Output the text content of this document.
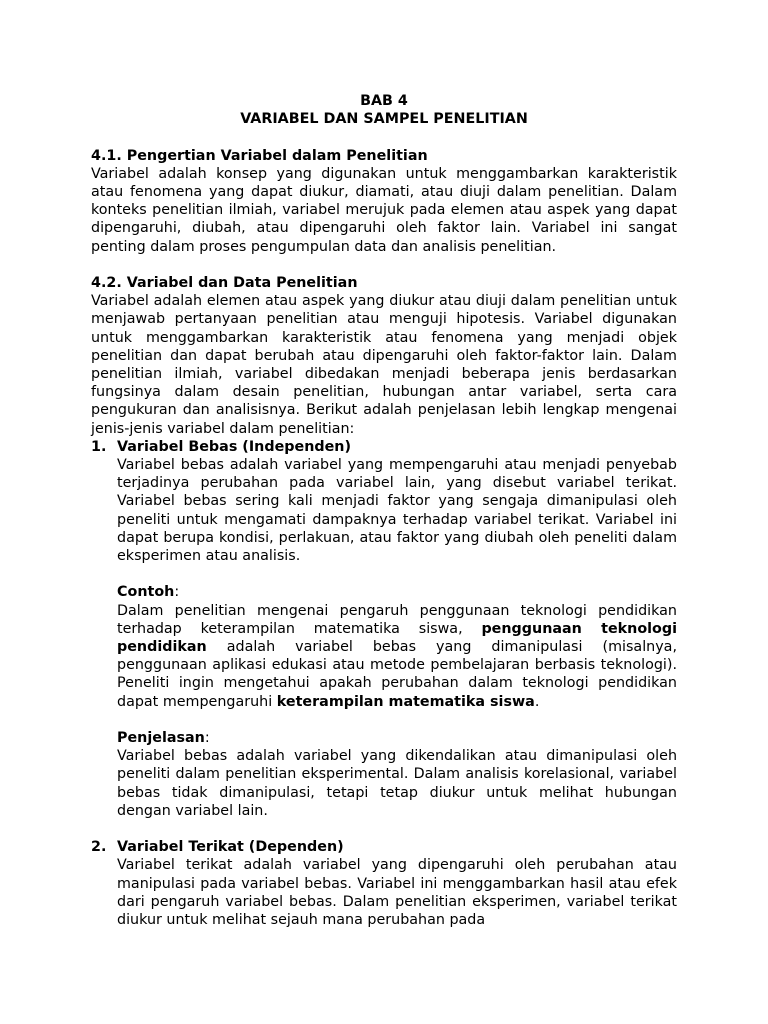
BAB 4
VARIABEL DAN SAMPEL PENELITIAN
4.1. Pengertian Variabel dalam Penelitian

Variabel adalah konsep yang digunakan untuk menggambarkan karakteristik atau fenomena yang dapat diukur, diamati, atau diuji dalam penelitian. Dalam konteks penelitian ilmiah, variabel merujuk pada elemen atau aspek yang dapat dipengaruhi, diubah, atau dipengaruhi oleh faktor lain. Variabel ini sangat penting dalam proses pengumpulan data dan analisis penelitian.

4.2. Variabel dan Data Penelitian

Variabel adalah elemen atau aspek yang diukur atau diuji dalam penelitian untuk menjawab pertanyaan penelitian atau menguji hipotesis. Variabel digunakan untuk menggambarkan karakteristik atau fenomena yang menjadi objek penelitian dan dapat berubah atau dipengaruhi oleh faktor-faktor lain. Dalam penelitian ilmiah, variabel dibedakan menjadi beberapa jenis berdasarkan fungsinya dalam desain penelitian, hubungan antar variabel, serta cara pengukuran dan analisisnya. Berikut adalah penjelasan lebih lengkap mengenai jenis-jenis variabel dalam penelitian:

1. Variabel Bebas (Independen)

Variabel bebas adalah variabel yang mempengaruhi atau menjadi penyebab terjadinya perubahan pada variabel lain, yang disebut variabel terikat. Variabel bebas sering kali menjadi faktor yang sengaja dimanipulasi oleh peneliti untuk mengamati dampaknya terhadap variabel terikat. Variabel ini dapat berupa kondisi, perlakuan, atau faktor yang diubah oleh peneliti dalam eksperimen atau analisis.

Contoh:

Dalam penelitian mengenai pengaruh penggunaan teknologi pendidikan terhadap keterampilan matematika siswa, penggunaan teknologi pendidikan adalah variabel bebas yang dimanipulasi (misalnya, penggunaan aplikasi edukasi atau metode pembelajaran berbasis teknologi). Peneliti ingin mengetahui apakah perubahan dalam teknologi pendidikan dapat mempengaruhi keterampilan matematika siswa.

Penjelasan:

Variabel bebas adalah variabel yang dikendalikan atau dimanipulasi oleh peneliti dalam penelitian eksperimental. Dalam analisis korelasional, variabel bebas tidak dimanipulasi, tetapi tetap diukur untuk melihat hubungan dengan variabel lain.

2. Variabel Terikat (Dependen)

Variabel terikat adalah variabel yang dipengaruhi oleh perubahan atau manipulasi pada variabel bebas. Variabel ini menggambarkan hasil atau efek dari pengaruh variabel bebas. Dalam penelitian eksperimen, variabel terikat diukur untuk melihat sejauh mana perubahan pada
